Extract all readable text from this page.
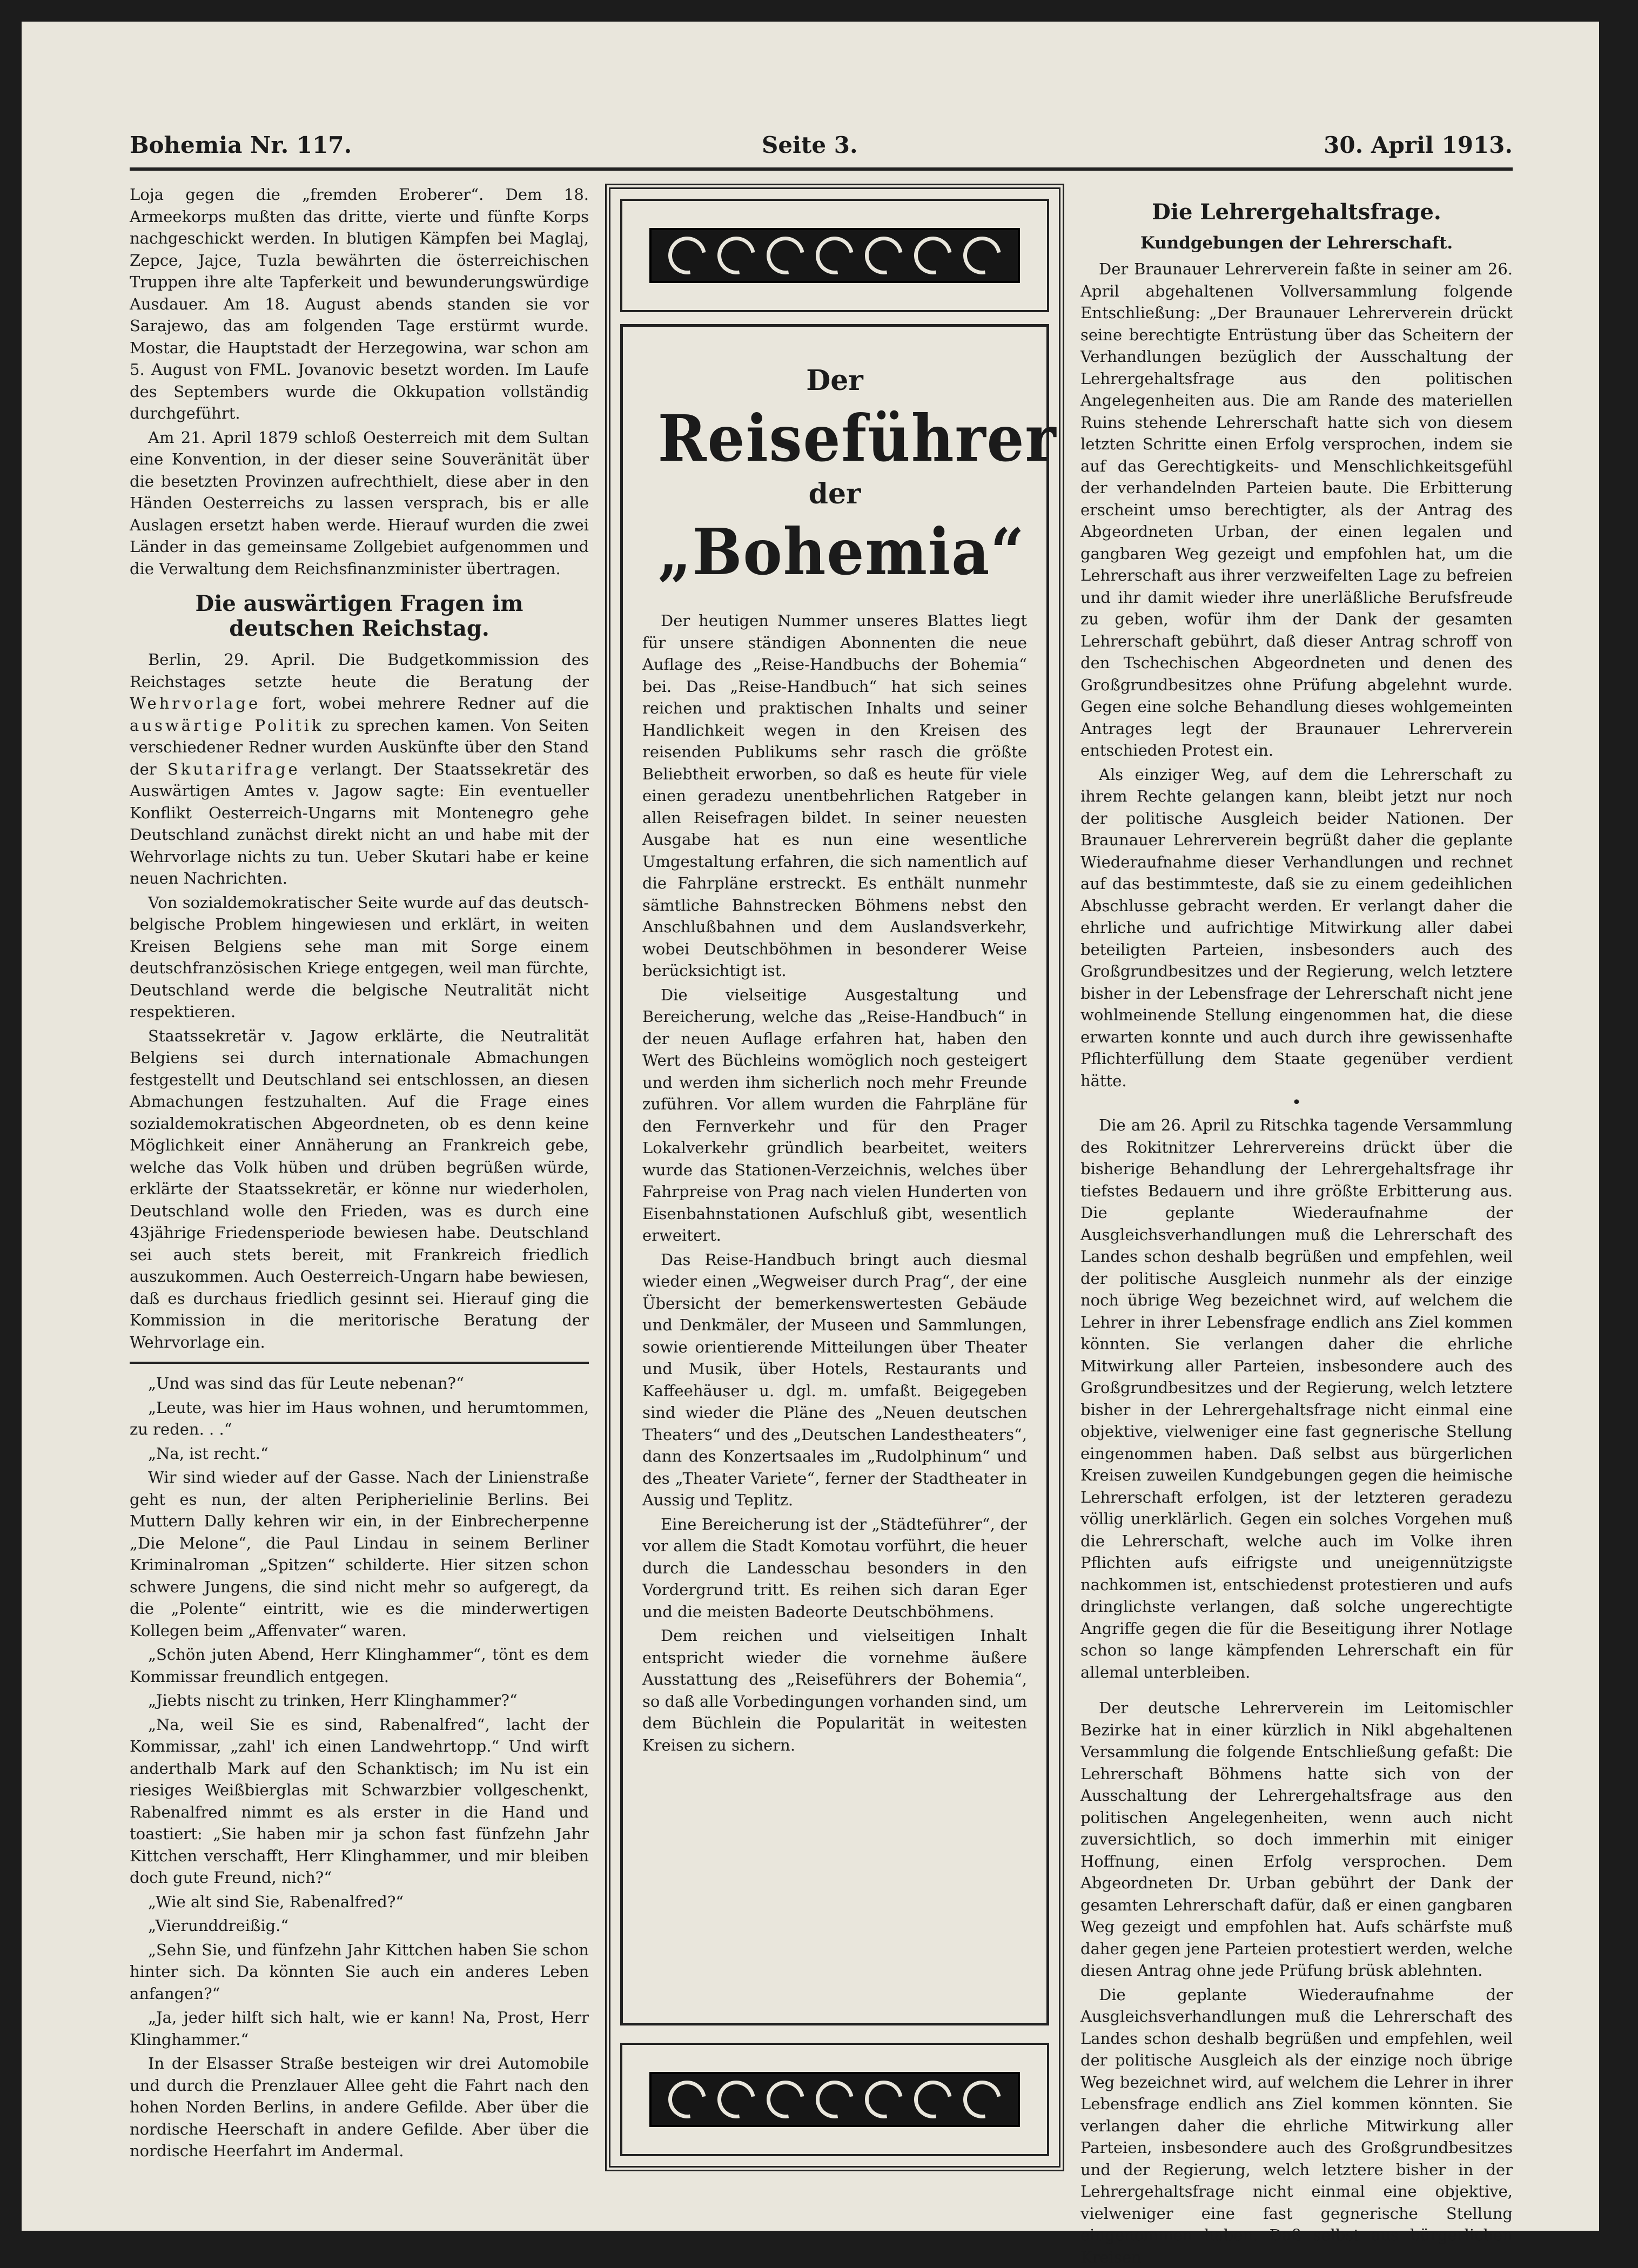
Bohemia Nr. 117.	Seite 3.	30. April 1913.

Loja gegen die „fremden Eroberer“. Dem 18. Armeekorps mußten das dritte, vierte und fünfte Korps nachgeschickt werden. In blutigen Kämpfen bei Maglaj, Zepce, Jajce, Tuzla bewährten die österreichischen Truppen ihre alte Tapferkeit und bewunderungswürdige Ausdauer. Am 18. August abends standen sie vor Sarajewo, das am folgenden Tage erstürmt wurde. Mostar, die Hauptstadt der Herzegowina, war schon am 5. August von FML. Jovanovic besetzt worden. Im Laufe des Septembers wurde die Okkupation vollständig durchgeführt.

Am 21. April 1879 schloß Oesterreich mit dem Sultan eine Konvention, in der dieser seine Souveränität über die besetzten Provinzen aufrechthielt, diese aber in den Händen Oesterreichs zu lassen versprach, bis er alle Auslagen ersetzt haben werde. Hierauf wurden die zwei Länder in das gemeinsame Zollgebiet aufgenommen und die Verwaltung dem Reichsfinanzminister übertragen.

Die auswärtigen Fragen im deutschen Reichstag.

Berlin, 29. April. Die Budgetkommission des Reichstages setzte heute die Beratung der Wehrvorlage fort, wobei mehrere Redner auf die auswärtige Politik zu sprechen kamen. Von Seiten verschiedener Redner wurden Auskünfte über den Stand der Skutarifrage verlangt. Der Staatssekretär des Auswärtigen Amtes v. Jagow sagte: Ein eventueller Konflikt Oesterreich-Ungarns mit Montenegro gehe Deutschland zunächst direkt nicht an und habe mit der Wehrvorlage nichts zu tun. Ueber Skutari habe er keine neuen Nachrichten.

Von sozialdemokratischer Seite wurde auf das deutsch-belgische Problem hingewiesen und erklärt, in weiten Kreisen Belgiens sehe man mit Sorge einem deutschfranzösischen Kriege entgegen, weil man fürchte, Deutschland werde die belgische Neutralität nicht respektieren.

Staatssekretär v. Jagow erklärte, die Neutralität Belgiens sei durch internationale Abmachungen festgestellt und Deutschland sei entschlossen, an diesen Abmachungen festzuhalten. Auf die Frage eines sozialdemokratischen Abgeordneten, ob es denn keine Möglichkeit einer Annäherung an Frankreich gebe, welche das Volk hüben und drüben begrüßen würde, erklärte der Staatssekretär, er könne nur wiederholen, Deutschland wolle den Frieden, was es durch eine 43jährige Friedensperiode bewiesen habe. Deutschland sei auch stets bereit, mit Frankreich friedlich auszukommen. Auch Oesterreich-Ungarn habe bewiesen, daß es durchaus friedlich gesinnt sei. Hierauf ging die Kommission in die meritorische Beratung der Wehrvorlage ein.

„Und was sind das für Leute nebenan?“

„Leute, was hier im Haus wohnen, und herumtommen, zu reden. . .“

„Na, ist recht.“

Wir sind wieder auf der Gasse. Nach der Linienstraße geht es nun, der alten Peripherielinie Berlins. Bei Muttern Dally kehren wir ein, in der Einbrecherpenne „Die Melone“, die Paul Lindau in seinem Berliner Kriminalroman „Spitzen“ schilderte. Hier sitzen schon schwere Jungens, die sind nicht mehr so aufgeregt, da die „Polente“ eintritt, wie es die minderwertigen Kollegen beim „Affenvater“ waren.

„Schön juten Abend, Herr Klinghammer“, tönt es dem Kommissar freundlich entgegen.

„Jiebts nischt zu trinken, Herr Klinghammer?“

„Na, weil Sie es sind, Rabenalfred“, lacht der Kommissar, „zahl' ich einen Landwehrtopp.“ Und wirft anderthalb Mark auf den Schanktisch; im Nu ist ein riesiges Weißbierglas mit Schwarzbier vollgeschenkt, Rabenalfred nimmt es als erster in die Hand und toastiert: „Sie haben mir ja schon fast fünfzehn Jahr Kittchen verschafft, Herr Klinghammer, und mir bleiben doch gute Freund, nich?“

„Wie alt sind Sie, Rabenalfred?“

„Vierunddreißig.“

„Sehn Sie, und fünfzehn Jahr Kittchen haben Sie schon hinter sich. Da könnten Sie auch ein anderes Leben anfangen?“

„Ja, jeder hilft sich halt, wie er kann! Na, Prost, Herr Klinghammer.“

In der Elsasser Straße besteigen wir drei Automobile und durch die Prenzlauer Allee geht die Fahrt nach den hohen Norden Berlins, in andere Gefilde. Aber über die nordische Heerschaft in andere Gefilde. Aber über die nordische Heerfahrt im Andermal.

Der
Reiseführer
der
„Bohemia“

Der heutigen Nummer unseres Blattes liegt für unsere ständigen Abonnenten die neue Auflage des „Reise-Handbuchs der Bohemia“ bei. Das „Reise-Handbuch“ hat sich seines reichen und praktischen Inhalts und seiner Handlichkeit wegen in den Kreisen des reisenden Publikums sehr rasch die größte Beliebtheit erworben, so daß es heute für viele einen geradezu unentbehrlichen Ratgeber in allen Reisefragen bildet. In seiner neuesten Ausgabe hat es nun eine wesentliche Umgestaltung erfahren, die sich namentlich auf die Fahrpläne erstreckt. Es enthält nunmehr sämtliche Bahnstrecken Böhmens nebst den Anschlußbahnen und dem Auslandsverkehr, wobei Deutschböhmen in besonderer Weise berücksichtigt ist.

Die vielseitige Ausgestaltung und Bereicherung, welche das „Reise-Handbuch“ in der neuen Auflage erfahren hat, haben den Wert des Büchleins womöglich noch gesteigert und werden ihm sicherlich noch mehr Freunde zuführen. Vor allem wurden die Fahrpläne für den Fernverkehr und für den Prager Lokalverkehr gründlich bearbeitet, weiters wurde das Stationen-Verzeichnis, welches über Fahrpreise von Prag nach vielen Hunderten von Eisenbahnstationen Aufschluß gibt, wesentlich erweitert.

Das Reise-Handbuch bringt auch diesmal wieder einen „Wegweiser durch Prag“, der eine Übersicht der bemerkenswertesten Gebäude und Denkmäler, der Museen und Sammlungen, sowie orientierende Mitteilungen über Theater und Musik, über Hotels, Restaurants und Kaffeehäuser u. dgl. m. umfaßt. Beigegeben sind wieder die Pläne des „Neuen deutschen Theaters“ und des „Deutschen Landestheaters“, dann des Konzertsaales im „Rudolphinum“ und des „Theater Variete“, ferner der Stadtheater in Aussig und Teplitz.

Eine Bereicherung ist der „Städteführer“, der vor allem die Stadt Komotau vorführt, die heuer durch die Landesschau besonders in den Vordergrund tritt. Es reihen sich daran Eger und die meisten Badeorte Deutschböhmens.

Dem reichen und vielseitigen Inhalt entspricht wieder die vornehme äußere Ausstattung des „Reiseführers der Bohemia“, so daß alle Vorbedingungen vorhanden sind, um dem Büchlein die Popularität in weitesten Kreisen zu sichern.

Die Lehrergehaltsfrage.
Kundgebungen der Lehrerschaft.

Der Braunauer Lehrerverein faßte in seiner am 26. April abgehaltenen Vollversammlung folgende Entschließung: „Der Braunauer Lehrerverein drückt seine berechtigte Entrüstung über das Scheitern der Verhandlungen bezüglich der Ausschaltung der Lehrergehaltsfrage aus den politischen Angelegenheiten aus. Die am Rande des materiellen Ruins stehende Lehrerschaft hatte sich von diesem letzten Schritte einen Erfolg versprochen, indem sie auf das Gerechtigkeits- und Menschlichkeitsgefühl der verhandelnden Parteien baute. Die Erbitterung erscheint umso berechtigter, als der Antrag des Abgeordneten Urban, der einen legalen und gangbaren Weg gezeigt und empfohlen hat, um die Lehrerschaft aus ihrer verzweifelten Lage zu befreien und ihr damit wieder ihre unerläßliche Berufsfreude zu geben, wofür ihm der Dank der gesamten Lehrerschaft gebührt, daß dieser Antrag schroff von den Tschechischen Abgeordneten und denen des Großgrundbesitzes ohne Prüfung abgelehnt wurde. Gegen eine solche Behandlung dieses wohlgemeinten Antrages legt der Braunauer Lehrerverein entschieden Protest ein.

Als einziger Weg, auf dem die Lehrerschaft zu ihrem Rechte gelangen kann, bleibt jetzt nur noch der politische Ausgleich beider Nationen. Der Braunauer Lehrerverein begrüßt daher die geplante Wiederaufnahme dieser Verhandlungen und rechnet auf das bestimmteste, daß sie zu einem gedeihlichen Abschlusse gebracht werden. Er verlangt daher die ehrliche und aufrichtige Mitwirkung aller dabei beteiligten Parteien, insbesonders auch des Großgrundbesitzes und der Regierung, welch letztere bisher in der Lebensfrage der Lehrerschaft nicht jene wohlmeinende Stellung eingenommen hat, die diese erwarten konnte und auch durch ihre gewissenhafte Pflichterfüllung dem Staate gegenüber verdient hätte.

•

Die am 26. April zu Ritschka tagende Versammlung des Rokitnitzer Lehrervereins drückt über die bisherige Behandlung der Lehrergehaltsfrage ihr tiefstes Bedauern und ihre größte Erbitterung aus. Die geplante Wiederaufnahme der Ausgleichsverhandlungen muß die Lehrerschaft des Landes schon deshalb begrüßen und empfehlen, weil der politische Ausgleich nunmehr als der einzige noch übrige Weg bezeichnet wird, auf welchem die Lehrer in ihrer Lebensfrage endlich ans Ziel kommen könnten. Sie verlangen daher die ehrliche Mitwirkung aller Parteien, insbesondere auch des Großgrundbesitzes und der Regierung, welch letztere bisher in der Lehrergehaltsfrage nicht einmal eine objektive, vielweniger eine fast gegnerische Stellung eingenommen haben. Daß selbst aus bürgerlichen Kreisen zuweilen Kundgebungen gegen die heimische Lehrerschaft erfolgen, ist der letzteren geradezu völlig unerklärlich. Gegen ein solches Vorgehen muß die Lehrerschaft, welche auch im Volke ihren Pflichten aufs eifrigste und uneigennützigste nachkommen ist, entschiedenst protestieren und aufs dringlichste verlangen, daß solche ungerechtigte Angriffe gegen die für die Beseitigung ihrer Notlage schon so lange kämpfenden Lehrerschaft ein für allemal unterbleiben.

Der deutsche Lehrerverein im Leitomischler Bezirke hat in einer kürzlich in Nikl abgehaltenen Versammlung die folgende Entschließung gefaßt: Die Lehrerschaft Böhmens hatte sich von der Ausschaltung der Lehrergehaltsfrage aus den politischen Angelegenheiten, wenn auch nicht zuversichtlich, so doch immerhin mit einiger Hoffnung, einen Erfolg versprochen. Dem Abgeordneten Dr. Urban gebührt der Dank der gesamten Lehrerschaft dafür, daß er einen gangbaren Weg gezeigt und empfohlen hat. Aufs schärfste muß daher gegen jene Parteien protestiert werden, welche diesen Antrag ohne jede Prüfung brüsk ablehnten.

Die geplante Wiederaufnahme der Ausgleichsverhandlungen muß die Lehrerschaft des Landes schon deshalb begrüßen und empfehlen, weil der politische Ausgleich als der einzige noch übrige Weg bezeichnet wird, auf welchem die Lehrer in ihrer Lebensfrage endlich ans Ziel kommen könnten. Sie verlangen daher die ehrliche Mitwirkung aller Parteien, insbesondere auch des Großgrundbesitzes und der Regierung, welch letztere bisher in der Lehrergehaltsfrage nicht einmal eine objektive, vielweniger eine fast gegnerische Stellung eingenommen haben. Daß selbst aus bürgerlichen Kreisen
